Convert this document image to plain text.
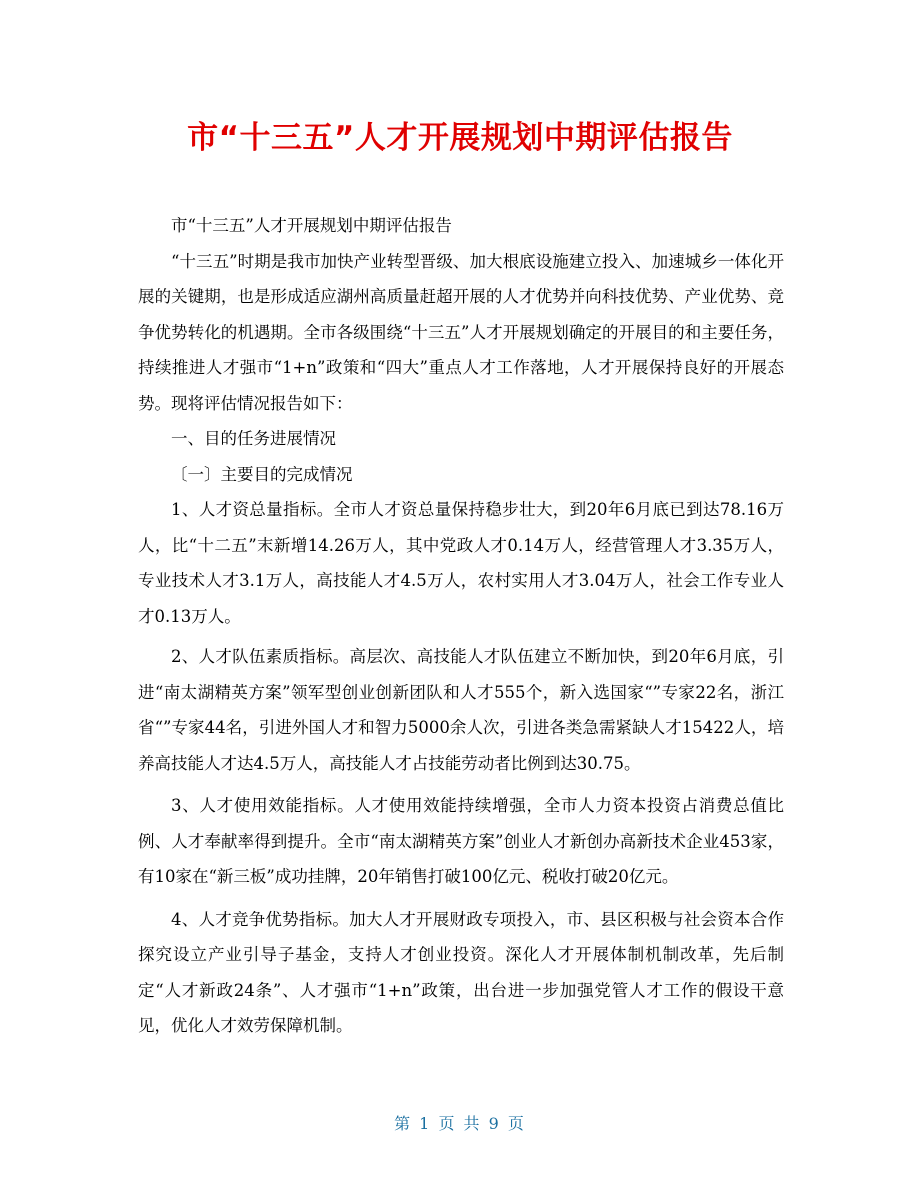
市“十三五”人才开展规划中期评估报告

市“十三五”人才开展规划中期评估报告

“十三五”时期是我市加快产业转型晋级、加大根底设施建立投入、加速城乡一体化开展的关键期，也是形成适应湖州高质量赶超开展的人才优势并向科技优势、产业优势、竞争优势转化的机遇期。全市各级围绕“十三五”人才开展规划确定的开展目的和主要任务，持续推进人才强市“1+n”政策和“四大”重点人才工作落地，人才开展保持良好的开展态势。现将评估情况报告如下：

一、目的任务进展情况

〔一〕主要目的完成情况

1、人才资总量指标。全市人才资总量保持稳步壮大，到20年6月底已到达78.16万人，比“十二五”末新增14.26万人，其中党政人才0.14万人，经营管理人才3.35万人，专业技术人才3.1万人，高技能人才4.5万人，农村实用人才3.04万人，社会工作专业人才0.13万人。

2、人才队伍素质指标。高层次、高技能人才队伍建立不断加快，到20年6月底，引进“南太湖精英方案”领军型创业创新团队和人才555个，新入选国家“”专家22名，浙江省“”专家44名，引进外国人才和智力5000余人次，引进各类急需紧缺人才15422人，培养高技能人才达4.5万人，高技能人才占技能劳动者比例到达30.75。

3、人才使用效能指标。人才使用效能持续增强，全市人力资本投资占消费总值比例、人才奉献率得到提升。全市“南太湖精英方案”创业人才新创办高新技术企业453家，有10家在“新三板”成功挂牌，20年销售打破100亿元、税收打破20亿元。

4、人才竞争优势指标。加大人才开展财政专项投入，市、县区积极与社会资本合作探究设立产业引导子基金，支持人才创业投资。深化人才开展体制机制改革，先后制定“人才新政24条”、人才强市“1+n”政策，出台进一步加强党管人才工作的假设干意见，优化人才效劳保障机制。

第 1 页 共 9 页
